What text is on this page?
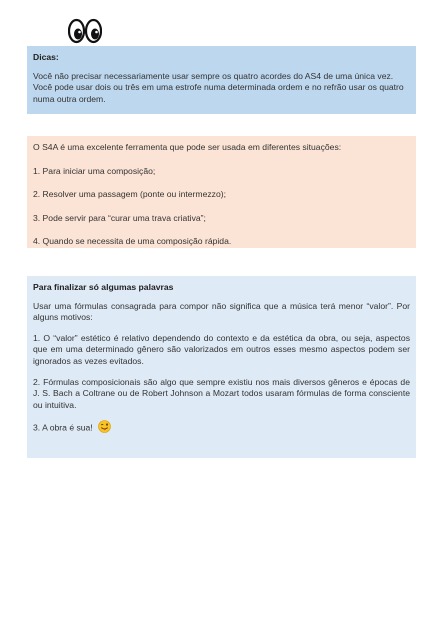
Dicas:

Você não precisar necessariamente usar sempre os quatro acordes do AS4 de uma única vez.

Você pode usar dois ou três em uma estrofe numa determinada ordem e no refrão usar os quatro numa outra ordem.

O S4A é uma excelente ferramenta que pode ser usada em diferentes situações:

1. Para iniciar uma composição;

2. Resolver uma passagem (ponte ou intermezzo);

3. Pode servir para “curar uma trava criativa”;

4. Quando se necessita de uma composição rápida.

Para finalizar só algumas palavras

Usar uma fórmulas consagrada para compor não significa que a música terá menor “valor”. Por alguns motivos:

1. O “valor” estético é relativo dependendo do contexto e da estética da obra, ou seja, aspectos que em uma determinado gênero são valorizados em outros esses mesmo aspectos podem ser ignorados as vezes evitados.

2. Fórmulas composicionais são algo que sempre existiu nos mais diversos gêneros e épocas de J. S. Bach a Coltrane ou de Robert Johnson a Mozart todos usaram fórmulas de forma consciente ou intuitiva.

3. A obra é sua!
